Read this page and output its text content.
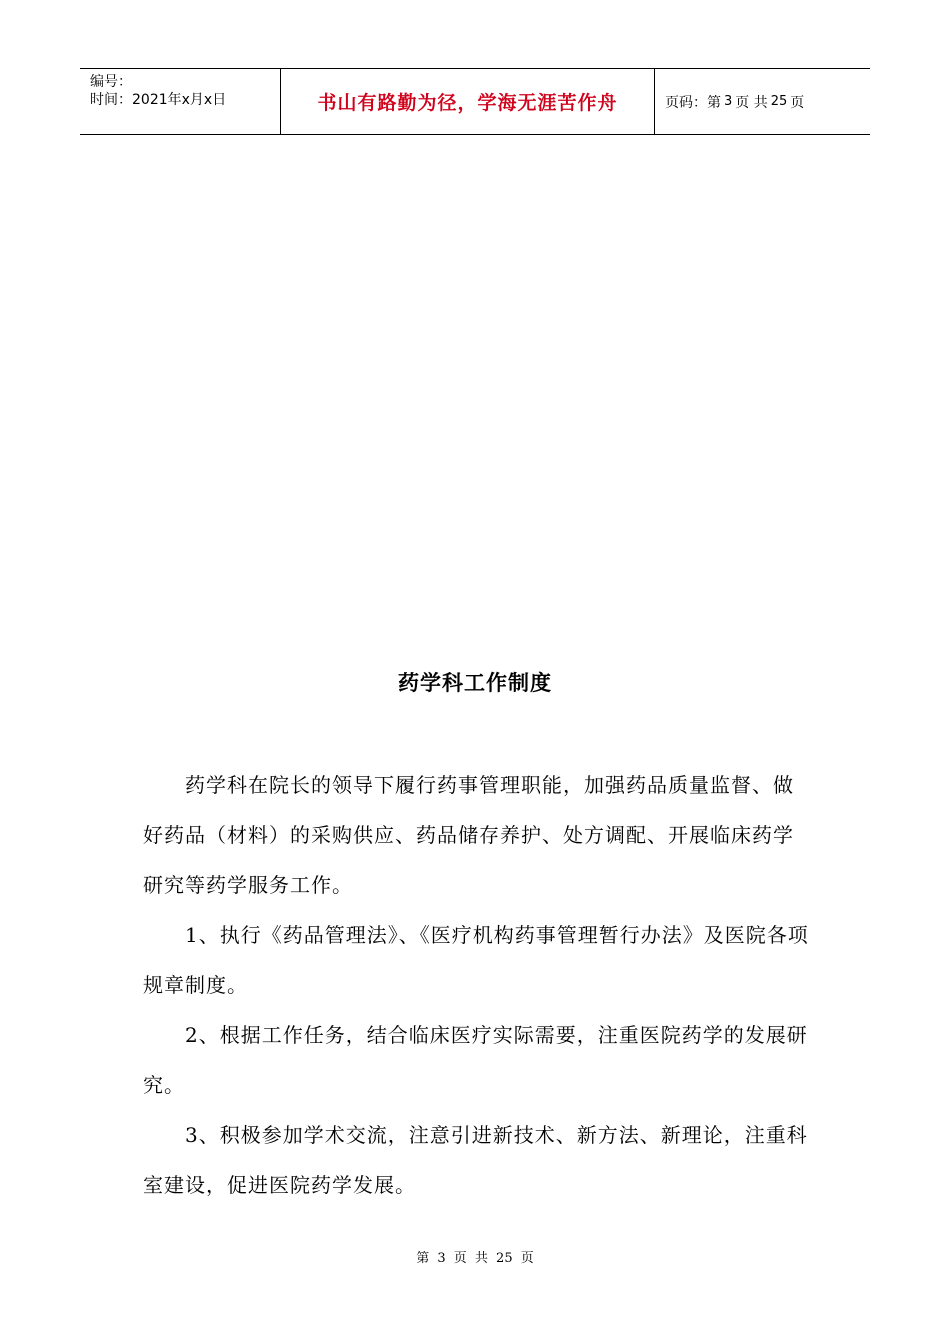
编号：
时间：2021年x月x日	书山有路勤为径，学海无涯苦作舟	页码：第 3 页 共 25 页
药学科工作制度

药学科在院长的领导下履行药事管理职能，加强药品质量监督、做好药品（材料）的采购供应、药品储存养护、处方调配、开展临床药学研究等药学服务工作。

1、执行《药品管理法》、《医疗机构药事管理暂行办法》及医院各项规章制度。

2、根据工作任务，结合临床医疗实际需要，注重医院药学的发展研究。

3、积极参加学术交流，注意引进新技术、新方法、新理论，注重科室建设，促进医院药学发展。

第 3 页 共 25 页
